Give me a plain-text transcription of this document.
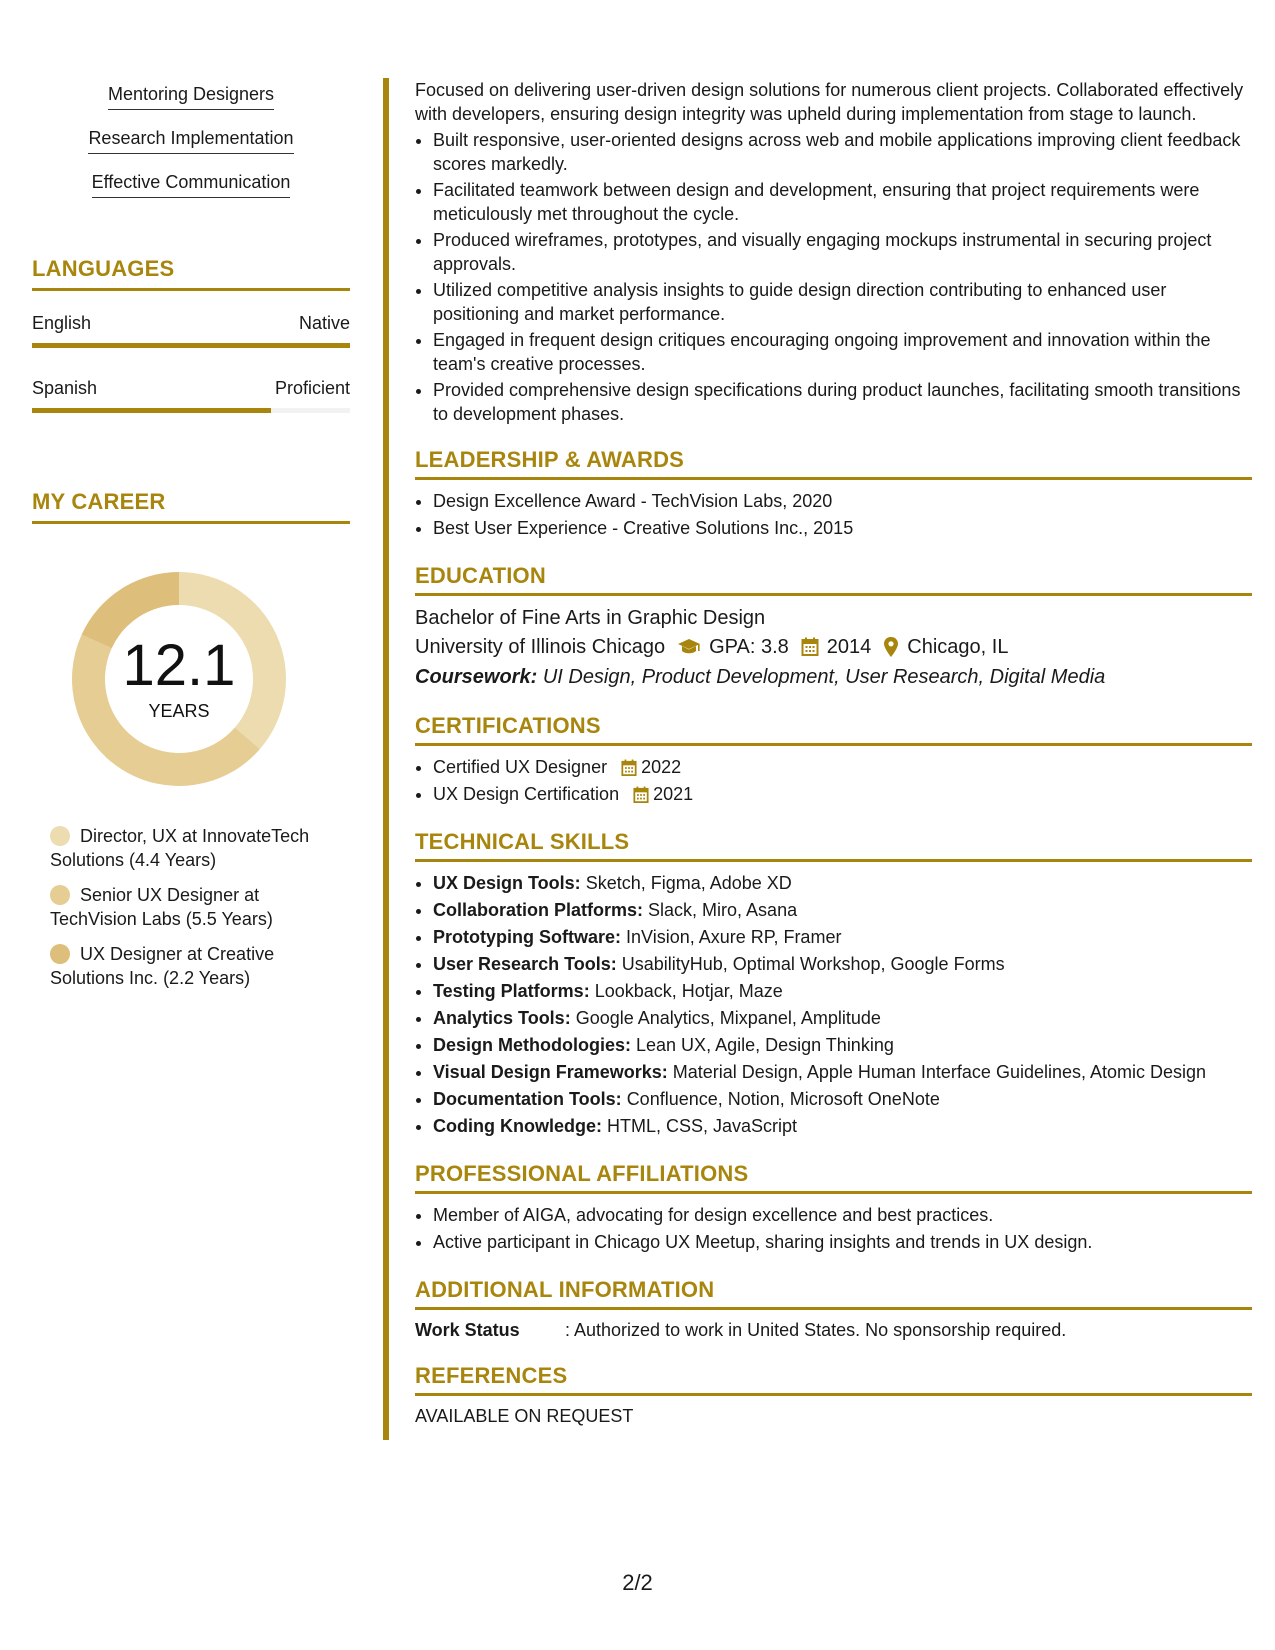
Mentoring Designers
Research Implementation
Effective Communication
LANGUAGES
English	Native
Spanish	Proficient
MY CAREER
12.1
YEARS
Director, UX at InnovateTech Solutions (4.4 Years)
Senior UX Designer at TechVision Labs (5.5 Years)
UX Designer at Creative Solutions Inc. (2.2 Years)

Focused on delivering user-driven design solutions for numerous client projects. Collaborated effectively with developers, ensuring design integrity was upheld during implementation from stage to launch.

• Built responsive, user-oriented designs across web and mobile applications improving client feedback scores markedly.
• Facilitated teamwork between design and development, ensuring that project requirements were meticulously met throughout the cycle.
• Produced wireframes, prototypes, and visually engaging mockups instrumental in securing project approvals.
• Utilized competitive analysis insights to guide design direction contributing to enhanced user positioning and market performance.
• Engaged in frequent design critiques encouraging ongoing improvement and innovation within the team's creative processes.
• Provided comprehensive design specifications during product launches, facilitating smooth transitions to development phases.
LEADERSHIP & AWARDS
• Design Excellence Award - TechVision Labs, 2020
• Best User Experience - Creative Solutions Inc., 2015
EDUCATION
Bachelor of Fine Arts in Graphic Design
University of Illinois Chicago GPA: 3.8 2014 Chicago, IL
Coursework: UI Design, Product Development, User Research, Digital Media
CERTIFICATIONS
• Certified UX Designer 2022
• UX Design Certification 2021
TECHNICAL SKILLS
• UX Design Tools: Sketch, Figma, Adobe XD
• Collaboration Platforms: Slack, Miro, Asana
• Prototyping Software: InVision, Axure RP, Framer
• User Research Tools: UsabilityHub, Optimal Workshop, Google Forms
• Testing Platforms: Lookback, Hotjar, Maze
• Analytics Tools: Google Analytics, Mixpanel, Amplitude
• Design Methodologies: Lean UX, Agile, Design Thinking
• Visual Design Frameworks: Material Design, Apple Human Interface Guidelines, Atomic Design
• Documentation Tools: Confluence, Notion, Microsoft OneNote
• Coding Knowledge: HTML, CSS, JavaScript
PROFESSIONAL AFFILIATIONS
• Member of AIGA, advocating for design excellence and best practices.
• Active participant in Chicago UX Meetup, sharing insights and trends in UX design.
ADDITIONAL INFORMATION
Work Status	: Authorized to work in United States. No sponsorship required.
REFERENCES
AVAILABLE ON REQUEST
2/2
